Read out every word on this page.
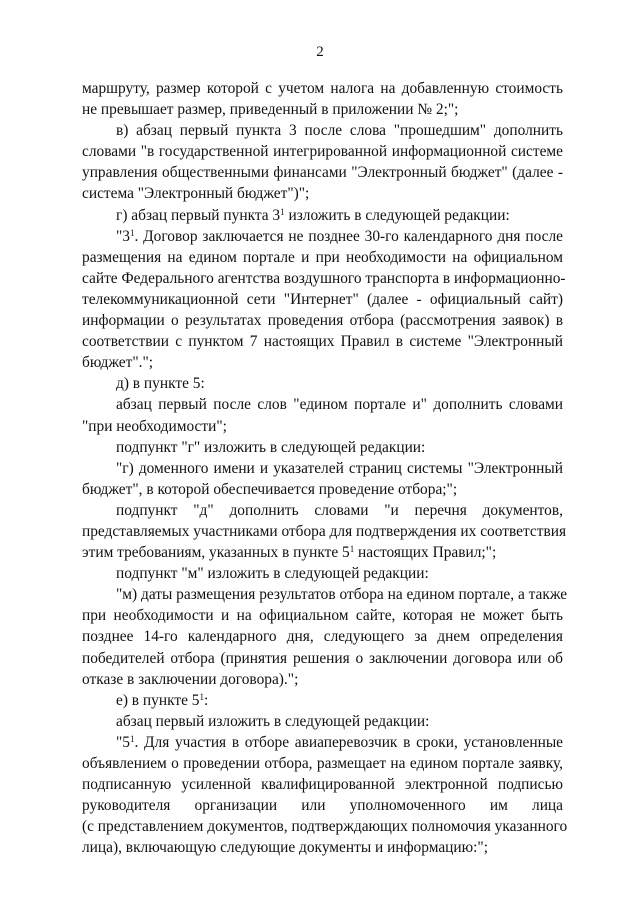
2
маршруту, размер которой с учетом налога на добавленную стоимость
не превышает размер, приведенный в приложении № 2;";
в) абзац первый пункта 3 после слова "прошедшим" дополнить
словами "в государственной интегрированной информационной системе
управления общественными финансами "Электронный бюджет" (далее -
система "Электронный бюджет")";
г) абзац первый пункта $3^1$ изложить в следующей редакции:
"$3^1$. Договор заключается не позднее 30-го календарного дня после
размещения на едином портале и при необходимости на официальном
сайте Федерального агентства воздушного транспорта в информационно-
телекоммуникационной сети "Интернет" (далее - официальный сайт)
информации о результатах проведения отбора (рассмотрения заявок) в
соответствии с пунктом 7 настоящих Правил в системе "Электронный
бюджет".";
д) в пункте 5:
абзац первый после слов "едином портале и" дополнить словами
"при необходимости";
подпункт "г" изложить в следующей редакции:
"г) доменного имени и указателей страниц системы "Электронный
бюджет", в которой обеспечивается проведение отбора;";
подпункт "д" дополнить словами "и перечня документов,
представляемых участниками отбора для подтверждения их соответствия
этим требованиям, указанных в пункте $5^1$ настоящих Правил;";
подпункт "м" изложить в следующей редакции:
"м) даты размещения результатов отбора на едином портале, а также
при необходимости и на официальном сайте, которая не может быть
позднее 14-го календарного дня, следующего за днем определения
победителей отбора (принятия решения о заключении договора или об
отказе в заключении договора).";
е) в пункте $5^1$:
абзац первый изложить в следующей редакции:
"$5^1$. Для участия в отборе авиаперевозчик в сроки, установленные
объявлением о проведении отбора, размещает на едином портале заявку,
подписанную усиленной квалифицированной электронной подписью
руководителя организации или уполномоченного им лица
(с представлением документов, подтверждающих полномочия указанного
лица), включающую следующие документы и информацию:";
